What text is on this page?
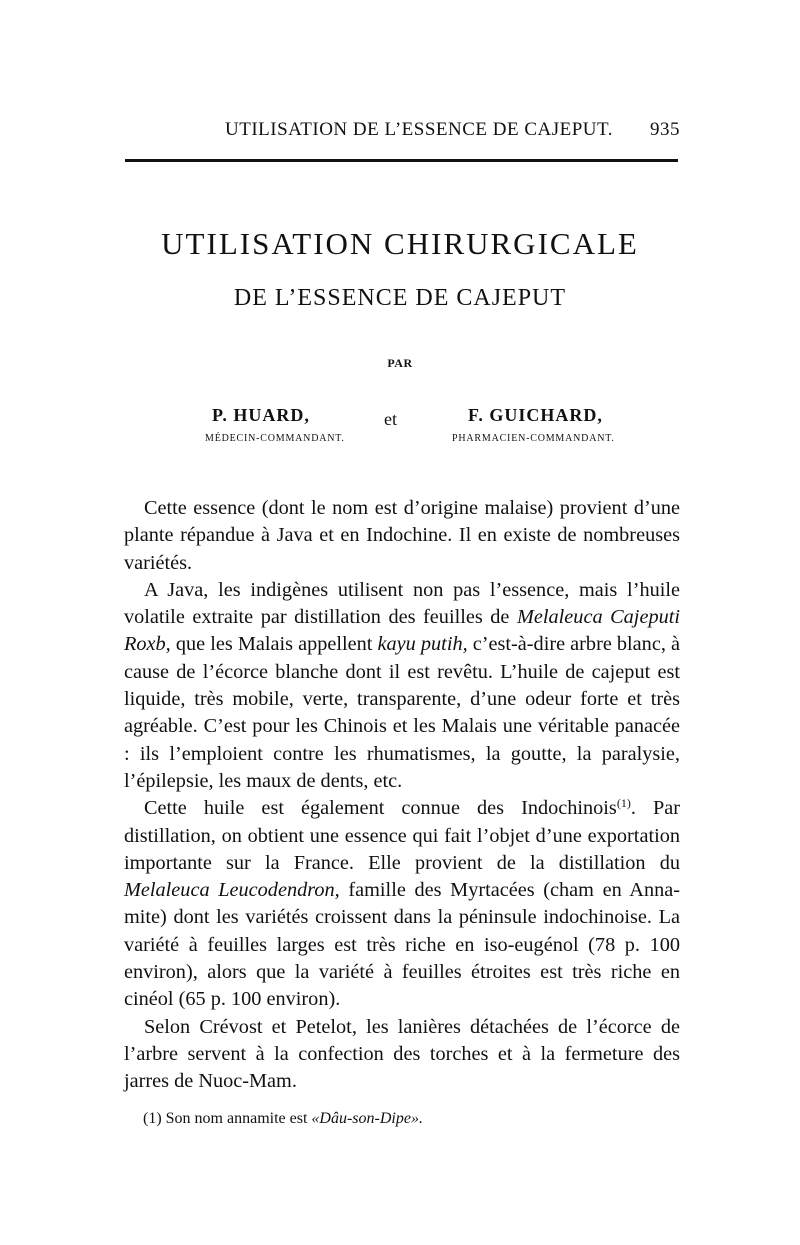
UTILISATION DE L’ESSENCE DE CAJEPUT. 935
UTILISATION CHIRURGICALE
DE L’ESSENCE DE CAJEPUT
PAR
P. HUARD,
MÉDECIN-COMMANDANT.
et	F. GUICHARD,
PHARMACIEN-COMMANDANT.

Cette essence (dont le nom est d’origine malaise) provient d’une plante répandue à Java et en Indochine. Il en existe de nombreuses variétés.

A Java, les indigènes utilisent non pas l’essence, mais l’huile volatile extraite par distillation des feuilles de Melaleuca Cajeputi Roxb, que les Malais appellent kayu putih, c’est-à-dire arbre blanc, à cause de l’écorce blanche dont il est revêtu. L’huile de cajeput est liquide, très mobile, verte, transparente, d’une odeur forte et très agréable. C’est pour les Chinois et les Malais une véritable panacée : ils l’emploient contre les rhumatismes, la goutte, la paralysie, l’épilepsie, les maux de dents, etc.

Cette huile est également connue des Indochinois$^{(1)}$. Par distillation, on obtient une essence qui fait l’objet d’une exportation importante sur la France. Elle provient de la distillation du Melaleuca Leucodendron, famille des Myrtacées (cham en Annamite) dont les variétés croissent dans la péninsule indochinoise. La variété à feuilles larges est très riche en iso-eugénol (78 p. 100 environ), alors que la variété à feuilles étroites est très riche en cinéol (65 p. 100 environ).

Selon Crévost et Petelot, les lanières détachées de l’écorce de l’arbre servent à la confection des torches et à la fermeture des jarres de Nuoc-Mam.

(1) Son nom annamite est «Dâu-son-Dipe».
